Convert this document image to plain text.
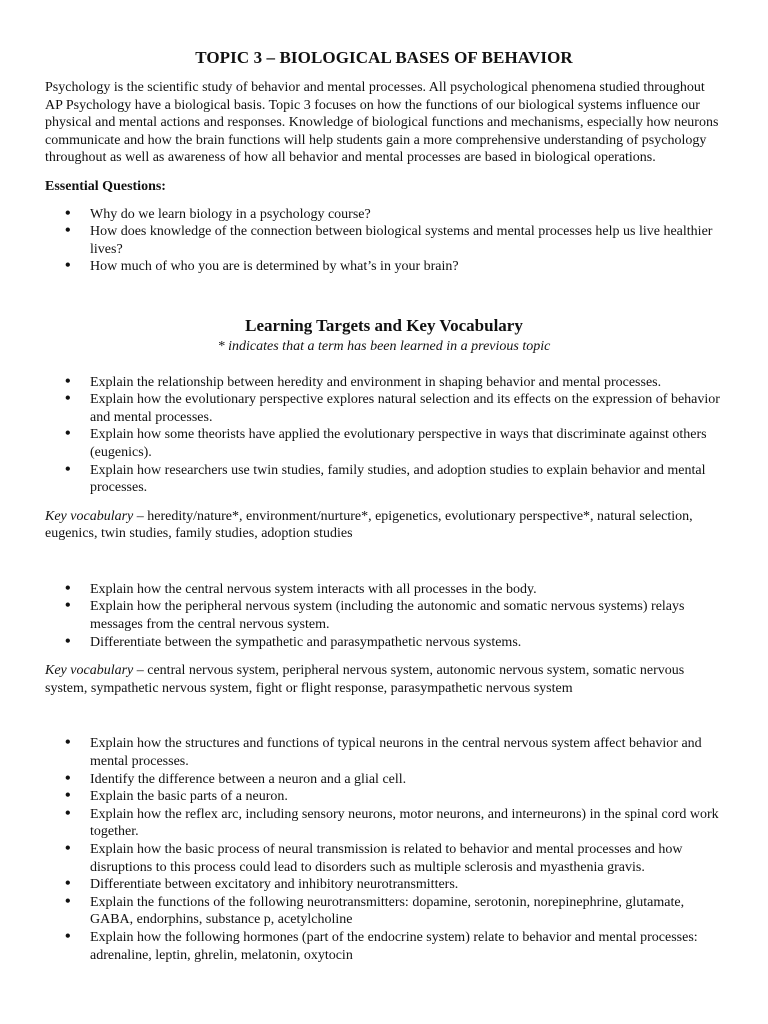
TOPIC 3 – BIOLOGICAL BASES OF BEHAVIOR

Psychology is the scientific study of behavior and mental processes. All psychological phenomena studied throughout AP Psychology have a biological basis. Topic 3 focuses on how the functions of our biological systems influence our physical and mental actions and responses. Knowledge of biological functions and mechanisms, especially how neurons communicate and how the brain functions will help students gain a more comprehensive understanding of psychology throughout as well as awareness of how all behavior and mental processes are based in biological operations.

Essential Questions:

• Why do we learn biology in a psychology course?
• How does knowledge of the connection between biological systems and mental processes help us live healthier lives?
• How much of who you are is determined by what’s in your brain?
Learning Targets and Key Vocabulary

* indicates that a term has been learned in a previous topic

• Explain the relationship between heredity and environment in shaping behavior and mental processes.
• Explain how the evolutionary perspective explores natural selection and its effects on the expression of behavior and mental processes.
• Explain how some theorists have applied the evolutionary perspective in ways that discriminate against others (eugenics).
• Explain how researchers use twin studies, family studies, and adoption studies to explain behavior and mental processes.

Key vocabulary – heredity/nature*, environment/nurture*, epigenetics, evolutionary perspective*, natural selection, eugenics, twin studies, family studies, adoption studies

• Explain how the central nervous system interacts with all processes in the body.
• Explain how the peripheral nervous system (including the autonomic and somatic nervous systems) relays messages from the central nervous system.
• Differentiate between the sympathetic and parasympathetic nervous systems.

Key vocabulary – central nervous system, peripheral nervous system, autonomic nervous system, somatic nervous system, sympathetic nervous system, fight or flight response, parasympathetic nervous system

• Explain how the structures and functions of typical neurons in the central nervous system affect behavior and mental processes.
• Identify the difference between a neuron and a glial cell.
• Explain the basic parts of a neuron.
• Explain how the reflex arc, including sensory neurons, motor neurons, and interneurons) in the spinal cord work together.
• Explain how the basic process of neural transmission is related to behavior and mental processes and how disruptions to this process could lead to disorders such as multiple sclerosis and myasthenia gravis.
• Differentiate between excitatory and inhibitory neurotransmitters.
• Explain the functions of the following neurotransmitters: dopamine, serotonin, norepinephrine, glutamate, GABA, endorphins, substance p, acetylcholine
• Explain how the following hormones (part of the endocrine system) relate to behavior and mental processes: adrenaline, leptin, ghrelin, melatonin, oxytocin
